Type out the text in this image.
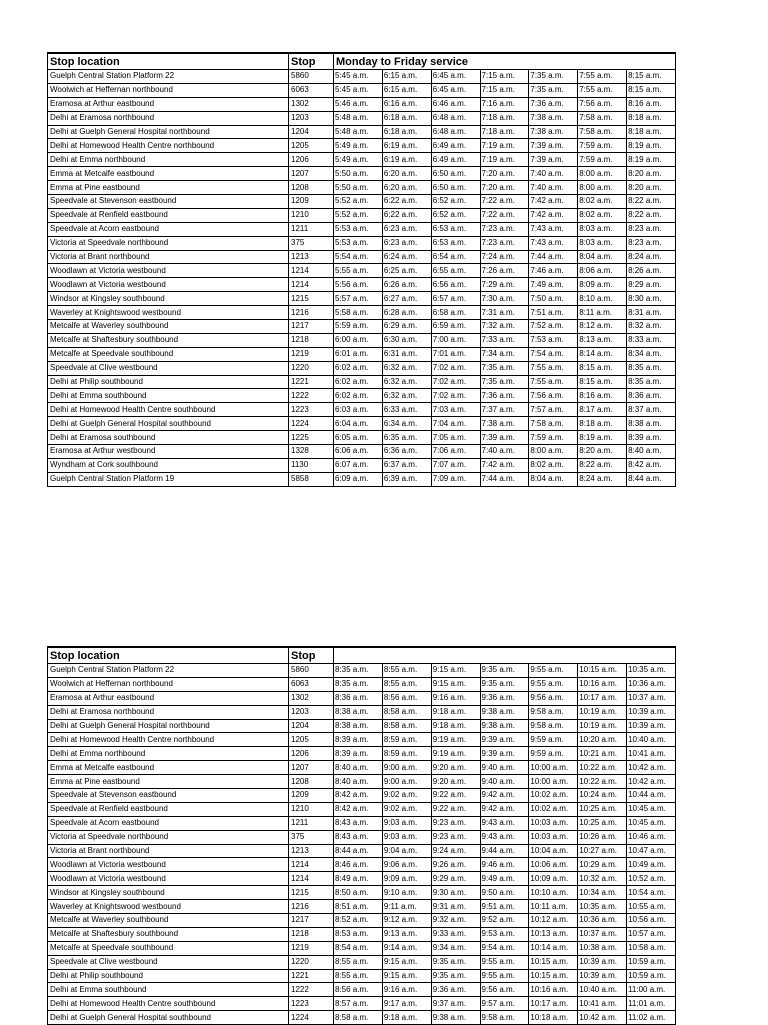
Stop location	Stop	Monday to Friday service						
Guelph Central Station Platform 22	5860	5:45 a.m.	6:15 a.m.	6:45 a.m.	7:15 a.m.	7:35 a.m.	7:55 a.m.	8:15 a.m.
Woolwich at Heffernan northbound	6063	5:45 a.m.	6:15 a.m.	6:45 a.m.	7:15 a.m.	7:35 a.m.	7:55 a.m.	8:15 a.m.
Eramosa at Arthur eastbound	1302	5:46 a.m.	6:16 a.m.	6:46 a.m.	7:16 a.m.	7:36 a.m.	7:56 a.m.	8:16 a.m.
Delhi at Eramosa northbound	1203	5:48 a.m.	6:18 a.m.	6:48 a.m.	7:18 a.m.	7:38 a.m.	7:58 a.m.	8:18 a.m.
Delhi at Guelph General Hospital northbound	1204	5:48 a.m.	6:18 a.m.	6:48 a.m.	7:18 a.m.	7:38 a.m.	7:58 a.m.	8:18 a.m.
Delhi at Homewood Health Centre northbound	1205	5:49 a.m.	6:19 a.m.	6:49 a.m.	7:19 a.m.	7:39 a.m.	7:59 a.m.	8:19 a.m.
Delhi at Emma northbound	1206	5:49 a.m.	6:19 a.m.	6:49 a.m.	7:19 a.m.	7:39 a.m.	7:59 a.m.	8:19 a.m.
Emma at Metcalfe eastbound	1207	5:50 a.m.	6:20 a.m.	6:50 a.m.	7:20 a.m.	7:40 a.m.	8:00 a.m.	8:20 a.m.
Emma at Pine eastbound	1208	5:50 a.m.	6:20 a.m.	6:50 a.m.	7:20 a.m.	7:40 a.m.	8:00 a.m.	8:20 a.m.
Speedvale at Stevenson eastbound	1209	5:52 a.m.	6:22 a.m.	6:52 a.m.	7:22 a.m.	7:42 a.m.	8:02 a.m.	8:22 a.m.
Speedvale at Renfield eastbound	1210	5:52 a.m.	6:22 a.m.	6:52 a.m.	7:22 a.m.	7:42 a.m.	8:02 a.m.	8:22 a.m.
Speedvale at Acorn eastbound	1211	5:53 a.m.	6:23 a.m.	6:53 a.m.	7:23 a.m.	7:43 a.m.	8:03 a.m.	8:23 a.m.
Victoria at Speedvale northbound	375	5:53 a.m.	6:23 a.m.	6:53 a.m.	7:23 a.m.	7:43 a.m.	8:03 a.m.	8:23 a.m.
Victoria at Brant northbound	1213	5:54 a.m.	6:24 a.m.	6:54 a.m.	7:24 a.m.	7:44 a.m.	8:04 a.m.	8:24 a.m.
Woodlawn at Victoria westbound	1214	5:55 a.m.	6:25 a.m.	6:55 a.m.	7:26 a.m.	7:46 a.m.	8:06 a.m.	8:26 a.m.
Woodlawn at Victoria westbound	1214	5:56 a.m.	6:26 a.m.	6:56 a.m.	7:29 a.m.	7:49 a.m.	8:09 a.m.	8:29 a.m.
Windsor at Kingsley southbound	1215	5:57 a.m.	6:27 a.m.	6:57 a.m.	7:30 a.m.	7:50 a.m.	8:10 a.m.	8:30 a.m.
Waverley at Knightswood westbound	1216	5:58 a.m.	6:28 a.m.	6:58 a.m.	7:31 a.m.	7:51 a.m.	8:11 a.m.	8:31 a.m.
Metcalfe at Waverley southbound	1217	5:59 a.m.	6:29 a.m.	6:59 a.m.	7:32 a.m.	7:52 a.m.	8:12 a.m.	8:32 a.m.
Metcalfe at Shaftesbury southbound	1218	6:00 a.m.	6:30 a.m.	7:00 a.m.	7:33 a.m.	7:53 a.m.	8:13 a.m.	8:33 a.m.
Metcalfe at Speedvale southbound	1219	6:01 a.m.	6:31 a.m.	7:01 a.m.	7:34 a.m.	7:54 a.m.	8:14 a.m.	8:34 a.m.
Speedvale at Clive westbound	1220	6:02 a.m.	6:32 a.m.	7:02 a.m.	7:35 a.m.	7:55 a.m.	8:15 a.m.	8:35 a.m.
Delhi at Philip southbound	1221	6:02 a.m.	6:32 a.m.	7:02 a.m.	7:35 a.m.	7:55 a.m.	8:15 a.m.	8:35 a.m.
Delhi at Emma southbound	1222	6:02 a.m.	6:32 a.m.	7:02 a.m.	7:36 a.m.	7:56 a.m.	8:16 a.m.	8:36 a.m.
Delhi at Homewood Health Centre southbound	1223	6:03 a.m.	6:33 a.m.	7:03 a.m.	7:37 a.m.	7:57 a.m.	8:17 a.m.	8:37 a.m.
Delhi at Guelph General Hospital southbound	1224	6:04 a.m.	6:34 a.m.	7:04 a.m.	7:38 a.m.	7:58 a.m.	8:18 a.m.	8:38 a.m.
Delhi at Eramosa southbound	1225	6:05 a.m.	6:35 a.m.	7:05 a.m.	7:39 a.m.	7:59 a.m.	8:19 a.m.	8:39 a.m.
Eramosa at Arthur westbound	1328	6:06 a.m.	6:36 a.m.	7:06 a.m.	7:40 a.m.	8:00 a.m.	8:20 a.m.	8:40 a.m.
Wyndham at Cork southbound	1130	6:07 a.m.	6:37 a.m.	7:07 a.m.	7:42 a.m.	8:02 a.m.	8:22 a.m.	8:42 a.m.
Guelph Central Station Platform 19	5858	6:09 a.m.	6:39 a.m.	7:09 a.m.	7:44 a.m.	8:04 a.m.	8:24 a.m.	8:44 a.m.
Stop location	Stop							
Guelph Central Station Platform 22	5860	8:35 a.m.	8:55 a.m.	9:15 a.m.	9:35 a.m.	9:55 a.m.	10:15 a.m.	10:35 a.m.
Woolwich at Heffernan northbound	6063	8:35 a.m.	8:55 a.m.	9:15 a.m.	9:35 a.m.	9:55 a.m.	10:16 a.m.	10:36 a.m.
Eramosa at Arthur eastbound	1302	8:36 a.m.	8:56 a.m.	9:16 a.m.	9:36 a.m.	9:56 a.m.	10:17 a.m.	10:37 a.m.
Delhi at Eramosa northbound	1203	8:38 a.m.	8:58 a.m.	9:18 a.m.	9:38 a.m.	9:58 a.m.	10:19 a.m.	10:39 a.m.
Delhi at Guelph General Hospital northbound	1204	8:38 a.m.	8:58 a.m.	9:18 a.m.	9:38 a.m.	9:58 a.m.	10:19 a.m.	10:39 a.m.
Delhi at Homewood Health Centre northbound	1205	8:39 a.m.	8:59 a.m.	9:19 a.m.	9:39 a.m.	9:59 a.m.	10:20 a.m.	10:40 a.m.
Delhi at Emma northbound	1206	8:39 a.m.	8:59 a.m.	9:19 a.m.	9:39 a.m.	9:59 a.m.	10:21 a.m.	10:41 a.m.
Emma at Metcalfe eastbound	1207	8:40 a.m.	9:00 a.m.	9:20 a.m.	9:40 a.m.	10:00 a.m.	10:22 a.m.	10:42 a.m.
Emma at Pine eastbound	1208	8:40 a.m.	9:00 a.m.	9:20 a.m.	9:40 a.m.	10:00 a.m.	10:22 a.m.	10:42 a.m.
Speedvale at Stevenson eastbound	1209	8:42 a.m.	9:02 a.m.	9:22 a.m.	9:42 a.m.	10:02 a.m.	10:24 a.m.	10:44 a.m.
Speedvale at Renfield eastbound	1210	8:42 a.m.	9:02 a.m.	9:22 a.m.	9:42 a.m.	10:02 a.m.	10:25 a.m.	10:45 a.m.
Speedvale at Acorn eastbound	1211	8:43 a.m.	9:03 a.m.	9:23 a.m.	9:43 a.m.	10:03 a.m.	10:25 a.m.	10:45 a.m.
Victoria at Speedvale northbound	375	8:43 a.m.	9:03 a.m.	9:23 a.m.	9:43 a.m.	10:03 a.m.	10:26 a.m.	10:46 a.m.
Victoria at Brant northbound	1213	8:44 a.m.	9:04 a.m.	9:24 a.m.	9:44 a.m.	10:04 a.m.	10:27 a.m.	10:47 a.m.
Woodlawn at Victoria westbound	1214	8:46 a.m.	9:06 a.m.	9:26 a.m.	9:46 a.m.	10:06 a.m.	10:29 a.m.	10:49 a.m.
Woodlawn at Victoria westbound	1214	8:49 a.m.	9:09 a.m.	9:29 a.m.	9:49 a.m.	10:09 a.m.	10:32 a.m.	10:52 a.m.
Windsor at Kingsley southbound	1215	8:50 a.m.	9:10 a.m.	9:30 a.m.	9:50 a.m.	10:10 a.m.	10:34 a.m.	10:54 a.m.
Waverley at Knightswood westbound	1216	8:51 a.m.	9:11 a.m.	9:31 a.m.	9:51 a.m.	10:11 a.m.	10:35 a.m.	10:55 a.m.
Metcalfe at Waverley southbound	1217	8:52 a.m.	9:12 a.m.	9:32 a.m.	9:52 a.m.	10:12 a.m.	10:36 a.m.	10:56 a.m.
Metcalfe at Shaftesbury southbound	1218	8:53 a.m.	9:13 a.m.	9:33 a.m.	9:53 a.m.	10:13 a.m.	10:37 a.m.	10:57 a.m.
Metcalfe at Speedvale southbound	1219	8:54 a.m.	9:14 a.m.	9:34 a.m.	9:54 a.m.	10:14 a.m.	10:38 a.m.	10:58 a.m.
Speedvale at Clive westbound	1220	8:55 a.m.	9:15 a.m.	9:35 a.m.	9:55 a.m.	10:15 a.m.	10:39 a.m.	10:59 a.m.
Delhi at Philip southbound	1221	8:55 a.m.	9:15 a.m.	9:35 a.m.	9:55 a.m.	10:15 a.m.	10:39 a.m.	10:59 a.m.
Delhi at Emma southbound	1222	8:56 a.m.	9:16 a.m.	9:36 a.m.	9:56 a.m.	10:16 a.m.	10:40 a.m.	11:00 a.m.
Delhi at Homewood Health Centre southbound	1223	8:57 a.m.	9:17 a.m.	9:37 a.m.	9:57 a.m.	10:17 a.m.	10:41 a.m.	11:01 a.m.
Delhi at Guelph General Hospital southbound	1224	8:58 a.m.	9:18 a.m.	9:38 a.m.	9:58 a.m.	10:18 a.m.	10:42 a.m.	11:02 a.m.
